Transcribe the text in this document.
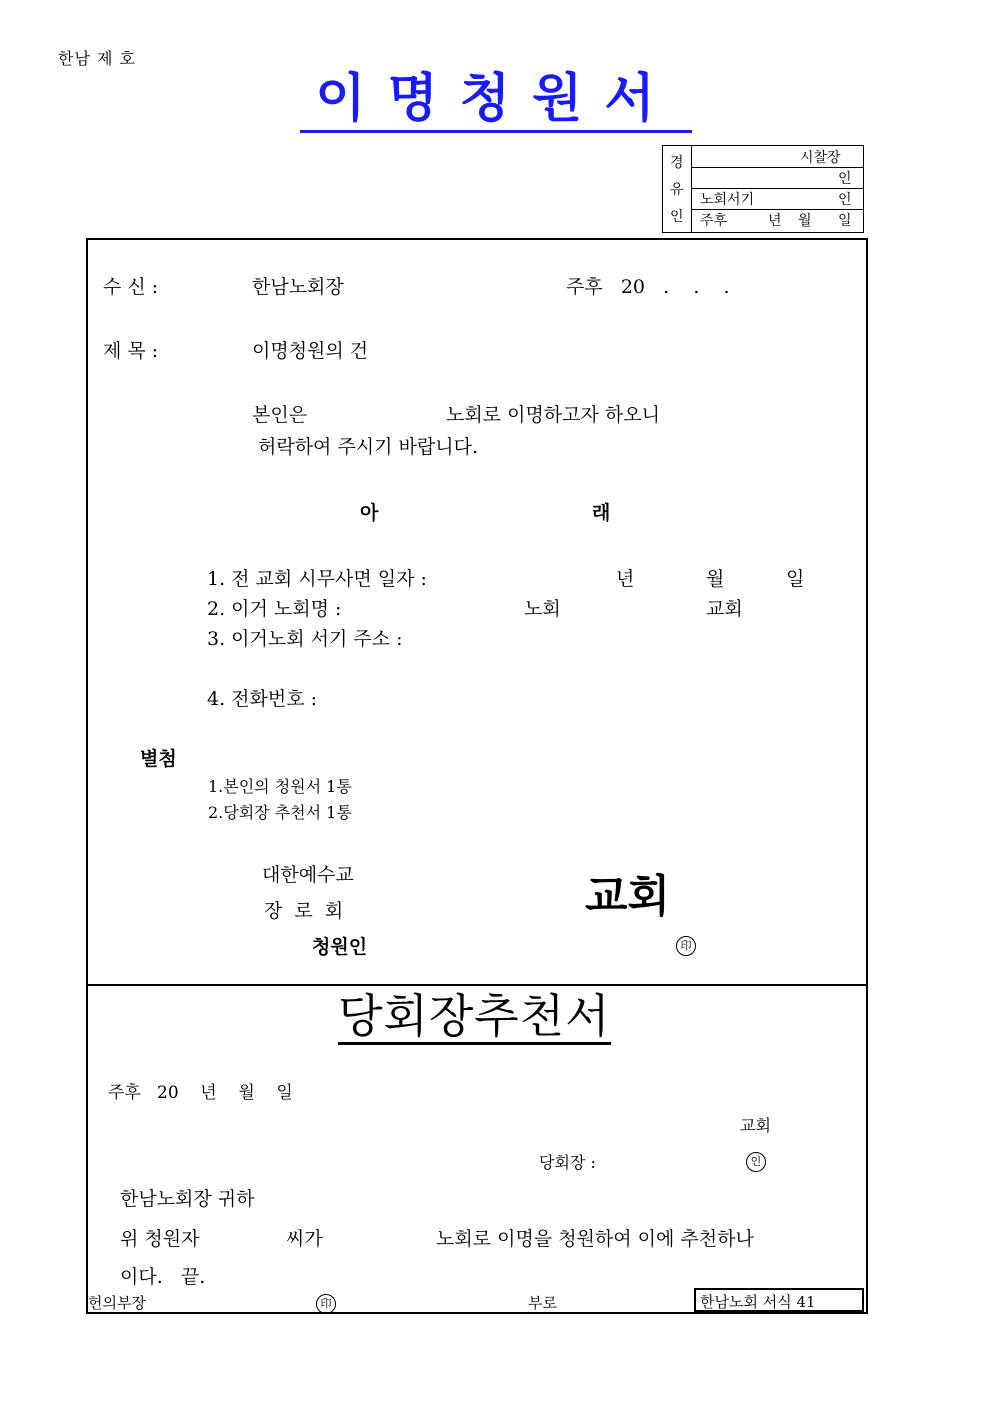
한남 제 호
이명청원서
경
유
인
시찰장
인
노회서기	인
주후	년 월 일
수 신 :	한남노회장	주후   20   .    .    .
제 목 :	이명청원의 건
본인은	노회로 이명하고자 하오니
허락하여 주시기 바랍니다.
아	래
1. 전 교회 시무사면 일자 :	년	월	일
2. 이거 노회명 :	노회	교회
3. 이거노회 서기 주소 :
4. 전화번호 :
별첨
1.본인의 청원서 1통
2.당회장 추천서 1통
대한예수교
장  로  회	교회
청원인	印
당회장추천서
주후   20    년    월    일
교회
당회장 :	인
한남노회장 귀하
위 청원자	씨가	노회로 이명을 청원하여 이에 추천하나
이다.   끝.
헌의부장	印	부로	한남노회 서식 41
